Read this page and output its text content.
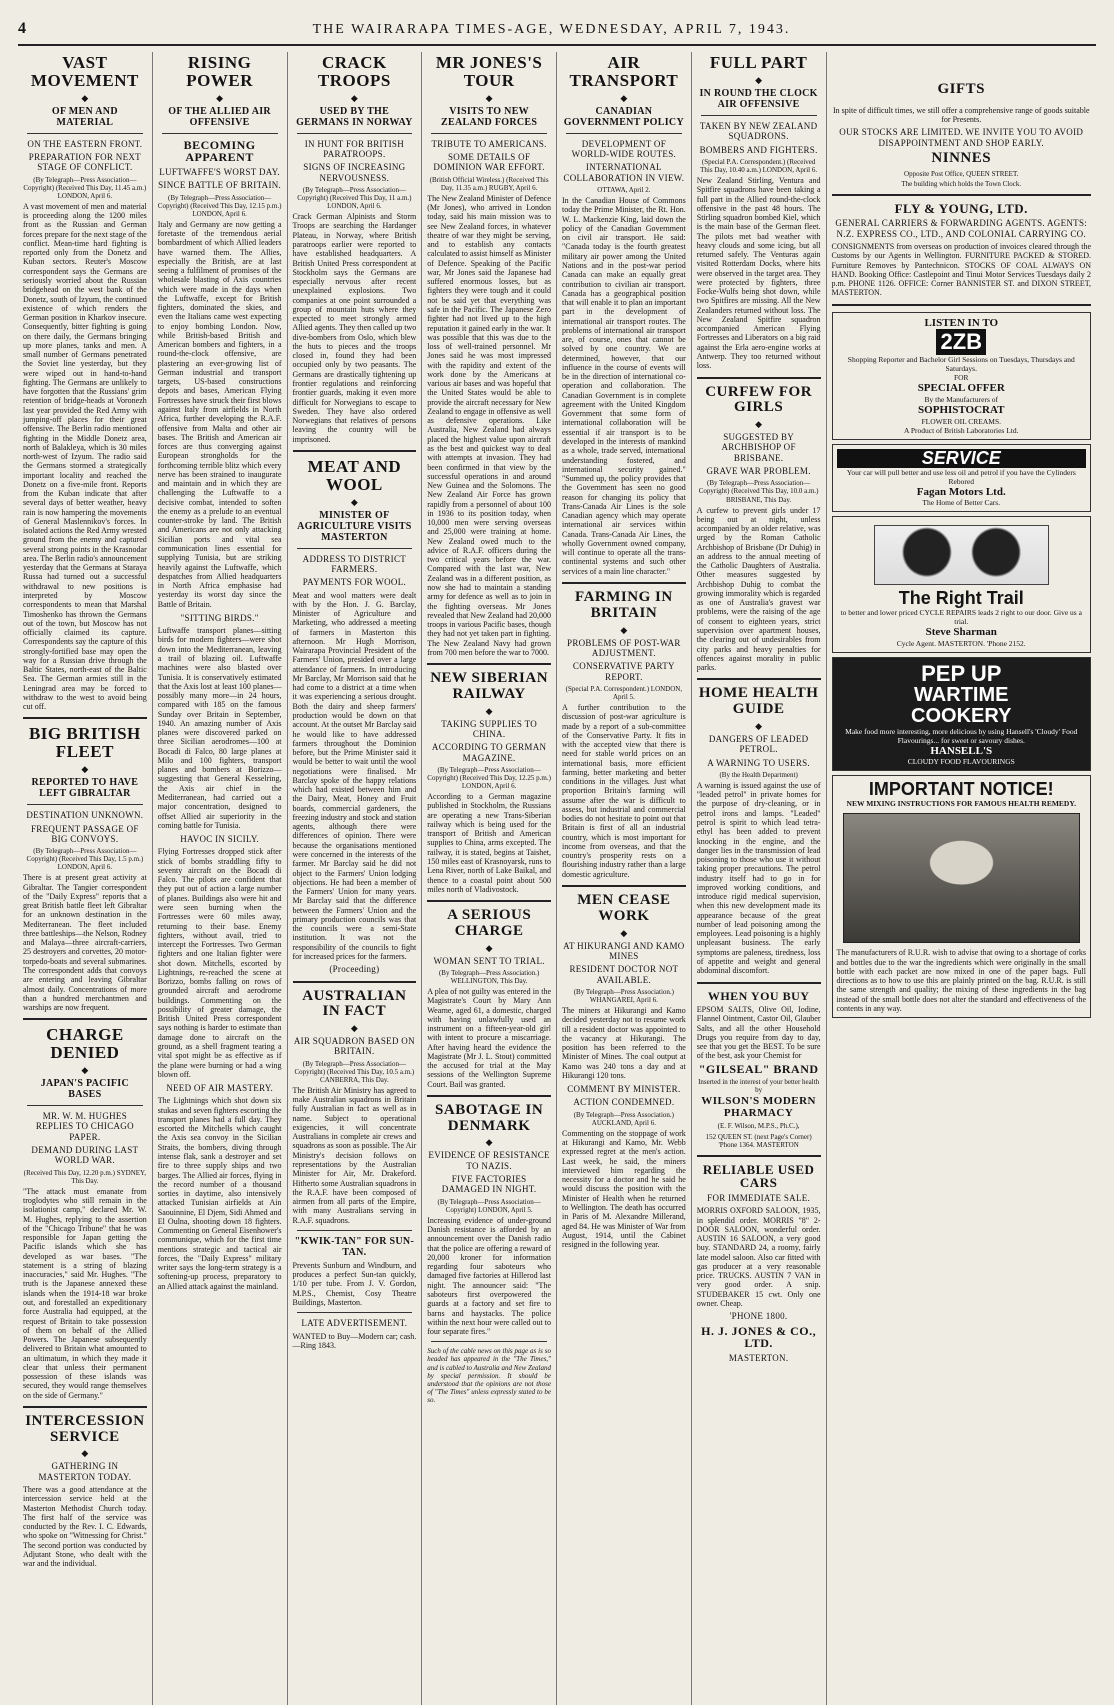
4	THE WAIRARAPA TIMES-AGE, WEDNESDAY, APRIL 7, 1943.
VAST MOVEMENT
◆
OF MEN AND MATERIAL
ON THE EASTERN FRONT.
PREPARATION FOR NEXT STAGE OF CONFLICT.
(By Telegraph—Press Association—Copyright) (Received This Day, 11.45 a.m.) LONDON, April 6.
A vast movement of men and material is proceeding along the 1200 miles front as the Russian and German forces prepare for the next stage of the conflict. Mean-time hard fighting is reported only from the Donetz and Kuban sectors. Reuter's Moscow correspondent says the Germans are seriously worried about the Russian bridgehead on the west bank of the Donetz, south of Izyum, the continued existence of which renders the German position in Kharkov insecure. Consequently, bitter fighting is going on there daily, the Germans bringing up more planes, tanks and men. A small number of Germans penetrated the Soviet line yesterday, but they were wiped out in hand-to-hand fighting. The Germans are unlikely to have forgotten that the Russians' grim retention of bridge-heads at Voronezh last year provided the Red Army with jumping-off places for their great offensive. The Berlin radio mentioned fighting in the Middle Donetz area, north of Balakleya, which is 30 miles north-west of Izyum. The radio said the Germans stormed a strategically important locality and reached the Donetz on a five-mile front. Reports from the Kuban indicate that after several days of better weather, heavy rain is now hampering the movements of General Maslennikov's forces. In isolated actions the Red Army wrested ground from the enemy and captured several strong points in the Krasnodar area. The Berlin radio's announcement yesterday that the Germans at Staraya Russa had turned out a successful withdrawal to new positions is interpreted by Moscow correspondents to mean that Marshal Timoshenko has thrown the Germans out of the town, but Moscow has not officially claimed its capture. Correspondents say the capture of this strongly-fortified base may open the way for a Russian drive through the Baltic States, north-east of the Baltic Sea. The German armies still in the Leningrad area may be forced to withdraw to the west to avoid being cut off.
BIG BRITISH FLEET
◆
REPORTED TO HAVE LEFT GIBRALTAR
DESTINATION UNKNOWN.
FREQUENT PASSAGE OF BIG CONVOYS.
(By Telegraph—Press Association—Copyright) (Received This Day, 1.5 p.m.) LONDON, April 6.
There is at present great activity at Gibraltar. The Tangier correspondent of the "Daily Express" reports that a great British battle fleet left Gibraltar for an unknown destination in the Mediterranean. The fleet included three battleships—the Nelson, Rodney and Malaya—three aircraft-carriers, 25 destroyers and corvettes, 20 motor-torpedo-boats and several submarines. The correspondent adds that convoys are entering and leaving Gibraltar almost daily. Concentrations of more than a hundred merchantmen and warships are now frequent.
CHARGE DENIED
◆
JAPAN'S PACIFIC BASES
MR. W. M. HUGHES REPLIES TO CHICAGO PAPER.
DEMAND DURING LAST WORLD WAR.
(Received This Day, 12.20 p.m.) SYDNEY, This Day.
"The attack must emanate from troglodytes who still remain in the isolationist camp," declared Mr. W. M. Hughes, replying to the assertion of the "Chicago Tribune" that he was responsible for Japan getting the Pacific islands which she has developed as war bases. "The statement is a string of blazing inaccuracies," said Mr. Hughes. "The truth is the Japanese annexed these islands when the 1914-18 war broke out, and forestalled an expeditionary force Australia had equipped, at the request of Britain to take possession of them on behalf of the Allied Powers. The Japanese subsequently delivered to Britain what amounted to an ultimatum, in which they made it clear that unless their permanent possession of these islands was secured, they would range themselves on the side of Germany."
INTERCESSION SERVICE
◆
GATHERING IN MASTERTON TODAY.
There was a good attendance at the intercession service held at the Masterton Methodist Church today. The first half of the service was conducted by the Rev. I. C. Edwards, who spoke on "Witnessing for Christ." The second portion was conducted by Adjutant Stone, who dealt with the war and the individual.
RISING POWER
◆
OF THE ALLIED AIR OFFENSIVE
BECOMING APPARENT
LUFTWAFFE'S WORST DAY.
SINCE BATTLE OF BRITAIN.
(By Telegraph—Press Association—Copyright) (Received This Day, 12.15 p.m.) LONDON, April 6.
Italy and Germany are now getting a foretaste of the tremendous aerial bombardment of which Allied leaders have warned them. The Allies, especially the British, are at last seeing a fulfilment of promises of the wholesale blasting of Axis countries which were made in the days when the Luftwaffe, except for British fighters, dominated the skies, and even the Italians came west expecting to enjoy bombing London. Now, while British-based British and American bombers and fighters, in a round-the-clock offensive, are plastering an ever-growing list of German industrial and transport targets, US-based constructions depots and bases, American Flying Fortresses have struck their first blows against Italy from airfields in North Africa, further developing the R.A.F. offensive from Malta and other air bases. The British and American air forces are thus converging against European strongholds for the forthcoming terrible blitz which every nerve has been strained to inaugurate and maintain and in which they are challenging the Luftwaffe to a decisive combat, intended to soften the enemy as a prelude to an eventual counter-stroke by land. The British and Americans are not only attacking Sicilian ports and vital sea communication lines essential for supplying Tunisia, but are striking heavily against the Luftwaffe, which despatches from Allied headquarters in North Africa emphasise had yesterday its worst day since the Battle of Britain.
"SITTING BIRDS."
Luftwaffe transport planes—sitting birds for modern fighters—were shot down into the Mediterranean, leaving a trail of blazing oil. Luftwaffe machines were also blasted over Tunisia. It is conservatively estimated that the Axis lost at least 100 planes—possibly many more—in 24 hours, compared with 185 on the famous Sunday over Britain in September, 1940. An amazing number of Axis planes were discovered parked on three Sicilian aerodromes—100 at Bocadi di Falco, 80 large planes at Milo and 100 fighters, transport planes and bombers at Borizzo—suggesting that General Kesselring, the Axis air chief in the Mediterranean, had carried out a major concentration, designed to offset Allied air superiority in the coming battle for Tunisia.
HAVOC IN SICILY.
Flying Fortresses dropped stick after stick of bombs straddling fifty to seventy aircraft on the Bocadi di Falco. The pilots are confident that they put out of action a large number of planes. Buildings also were hit and were seen burning when the Fortresses were 60 miles away, returning to their base. Enemy fighters, without avail, tried to intercept the Fortresses. Two German fighters and one Italian fighter were shot down. Mitchells, escorted by Lightnings, re-reached the scene at Borizzo, bombs falling on rows of grounded aircraft and aerodrome buildings. Commenting on the possibility of greater damage, the British United Press correspondent says nothing is harder to estimate than damage done to aircraft on the ground, as a shell fragment tearing a vital spot might be as effective as if the plane were burning or had a wing blown off.
NEED OF AIR MASTERY.
The Lightnings which shot down six stukas and seven fighters escorting the transport planes had a full day. They escorted the Mitchells which caught the Axis sea convoy in the Sicilian Straits, the bombers, diving through intense flak, sank a destroyer and set fire to three supply ships and two barges. The Allied air forces, flying in the record number of a thousand sorties in daytime, also intensively attacked Tunisian airfields at Ain Saouinnine, El Djem, Sidi Ahmed and El Oulna, shooting down 18 fighters. Commenting on General Eisenhower's communique, which for the first time mentions strategic and tactical air forces, the "Daily Express" military writer says the long-term strategy is a softening-up process, preparatory to an Allied attack against the mainland.
CRACK TROOPS
◆
USED BY THE GERMANS IN NORWAY
IN HUNT FOR BRITISH PARATROOPS.
SIGNS OF INCREASING NERVOUSNESS.
(By Telegraph—Press Association—Copyright) (Received This Day, 11 a.m.) LONDON, April 6.
Crack German Alpinists and Storm Troops are searching the Hardanger Plateau, in Norway, where British paratroops earlier were reported to have established headquarters. A British United Press correspondent at Stockholm says the Germans are especially nervous after recent unexplained explosions. Two companies at one point surrounded a group of mountain huts where they expected to meet strongly armed Allied agents. They then called up two dive-bombers from Oslo, which blew the huts to pieces and the troops closed in, found they had been occupied only by two peasants. The Germans are drastically tightening up frontier regulations and reinforcing frontier guards, making it even more difficult for Norwegians to escape to Sweden. They have also ordered Norwegians that relatives of persons leaving the country will be imprisoned.
MEAT AND WOOL
◆
MINISTER OF AGRICULTURE VISITS MASTERTON
ADDRESS TO DISTRICT FARMERS.
PAYMENTS FOR WOOL.
Meat and wool matters were dealt with by the Hon. J. G. Barclay, Minister of Agriculture and Marketing, who addressed a meeting of farmers in Masterton this afternoon. Mr Hugh Morrison, Wairarapa Provincial President of the Farmers' Union, presided over a large attendance of farmers. In introducing Mr Barclay, Mr Morrison said that he had come to a district at a time when it was experiencing a serious drought. Both the dairy and sheep farmers' production would be down on that account. At the outset Mr Barclay said he would like to have addressed farmers throughout the Dominion before, but the Prime Minister said it would be better to wait until the wool negotiations were finalised. Mr Barclay spoke of the happy relations which had existed between him and the Dairy, Meat, Honey and Fruit boards, commercial gardeners, the freezing industry and stock and station agents, although there were differences of opinion. There were because the organisations mentioned were concerned in the interests of the farmer. Mr Barclay said he did not object to the Farmers' Union lodging objections. He had been a member of the Farmers' Union for many years. Mr Barclay said that the difference between the Farmers' Union and the primary production councils was that the councils were a semi-State institution. It was not the responsibility of the councils to fight for increased prices for the farmers.
(Proceeding)
AUSTRALIAN IN FACT
◆
AIR SQUADRON BASED ON BRITAIN.
(By Telegraph—Press Association—Copyright) (Received This Day, 10.5 a.m.) CANBERRA, This Day.
The British Air Ministry has agreed to make Australian squadrons in Britain fully Australian in fact as well as in name. Subject to operational exigencies, it will concentrate Australians in complete air crews and squadrons as soon as possible. The Air Ministry's decision follows on representations by the Australian Minister for Air, Mr. Drakeford. Hitherto some Australian squadrons in the R.A.F. have been composed of airmen from all parts of the Empire, with many Australians serving in R.A.F. squadrons.
"KWIK-TAN" FOR SUN-TAN.
Prevents Sunburn and Windburn, and produces a perfect Sun-tan quickly, 1/10 per tube. From J. V. Gordon, M.P.S., Chemist, Cosy Theatre Buildings, Masterton.
LATE ADVERTISEMENT.
WANTED to Buy—Modern car; cash.—Ring 1843.
MR JONES'S TOUR
◆
VISITS TO NEW ZEALAND FORCES
TRIBUTE TO AMERICANS.
SOME DETAILS OF DOMINION WAR EFFORT.
(British Official Wireless.) (Received This Day, 11.35 a.m.) RUGBY, April 6.
The New Zealand Minister of Defence (Mr Jones), who arrived in London today, said his main mission was to see New Zealand forces, in whatever theatre of war they might be serving, and to establish any contacts calculated to assist himself as Minister of Defence. Speaking of the Pacific war, Mr Jones said the Japanese had suffered enormous losses, but as fighters they were tough and it could not be said yet that everything was safe in the Pacific. The Japanese Zero fighter had not lived up to the high reputation it gained early in the war. It was possible that this was due to the loss of well-trained personnel. Mr Jones said he was most impressed with the rapidity and extent of the work done by the Americans at various air bases and was hopeful that the United States would be able to provide the aircraft necessary for New Zealand to engage in offensive as well as defensive operations. Like Australia, New Zealand had always placed the highest value upon aircraft as the best and quickest way to deal with attempts at invasion. They had been confirmed in that view by the successful operations in and around New Guinea and the Solomons. The New Zealand Air Force has grown rapidly from a personnel of about 100 in 1936 to its position today, when 10,000 men were serving overseas and 25,000 were training at home. New Zealand owed much to the advice of R.A.F. officers during the two critical years before the war. Compared with the last war, New Zealand was in a different position, as now she had to maintain a standing army for defence as well as to join in the fighting overseas. Mr Jones revealed that New Zealand had 20,000 troops in various Pacific bases, though they had not yet taken part in fighting. The New Zealand Navy had grown from 700 men before the war to 7000.
NEW SIBERIAN RAILWAY
◆
TAKING SUPPLIES TO CHINA.
ACCORDING TO GERMAN MAGAZINE.
(By Telegraph—Press Association—Copyright) (Received This Day, 12.25 p.m.) LONDON, April 6.
According to a German magazine published in Stockholm, the Russians are operating a new Trans-Siberian railway which is being used for the transport of British and American supplies to China, arms excepted. The railway, it is stated, begins at Taishet, 150 miles east of Krasnoyarsk, runs to Lena River, north of Lake Baikal, and thence to a coastal point about 500 miles north of Vladivostock.
A SERIOUS CHARGE
◆
WOMAN SENT TO TRIAL.
(By Telegraph—Press Association.) WELLINGTON, This Day.
A plea of not guilty was entered in the Magistrate's Court by Mary Ann Wearne, aged 61, a domestic, charged with having unlawfully used an instrument on a fifteen-year-old girl with intent to procure a miscarriage. After having heard the evidence the Magistrate (Mr J. L. Stout) committed the accused for trial at the May sessions of the Wellington Supreme Court. Bail was granted.
SABOTAGE IN DENMARK
◆
EVIDENCE OF RESISTANCE TO NAZIS.
FIVE FACTORIES DAMAGED IN NIGHT.
(By Telegraph—Press Association—Copyright) LONDON, April 5.
Increasing evidence of under-ground Danish resistance is afforded by an announcement over the Danish radio that the police are offering a reward of 20,000 kroner for information regarding four saboteurs who damaged five factories at Hillerod last night. The announcer said: "The saboteurs first overpowered the guards at a factory and set fire to barns and haystacks. The police within the next hour were called out to four separate fires."
Such of the cable news on this page as is so headed has appeared in the "The Times," and is cabled to Australia and New Zealand by special permission. It should be understood that the opinions are not those of "The Times" unless expressly stated to be so.
AIR TRANSPORT
◆
CANADIAN GOVERNMENT POLICY
DEVELOPMENT OF WORLD-WIDE ROUTES.
INTERNATIONAL COLLABORATION IN VIEW.
OTTAWA, April 2.
In the Canadian House of Commons today the Prime Minister, the Rt. Hon. W. L. Mackenzie King, laid down the policy of the Canadian Government on civil air transport. He said: "Canada today is the fourth greatest military air power among the United Nations and in the post-war period Canada can make an equally great contribution to civilian air transport. Canada has a geographical position that will enable it to plan an important part in the development of international air transport routes. The problems of international air transport are, of course, ones that cannot be solved by one country. We are determined, however, that our influence in the course of events will be in the direction of international co-operation and collaboration. The Canadian Government is in complete agreement with the United Kingdom Government that some form of international collaboration will be essential if air transport is to be developed in the interests of mankind as a whole, trade served, international understanding fostered, and international security gained." "Summed up, the policy provides that the Government has seen no good reason for changing its policy that Trans-Canada Air Lines is the sole Canadian agency which may operate international air services within Canada. Trans-Canada Air Lines, the wholly Government owned company, will continue to operate all the trans-continental systems and such other services of a main line character."
FARMING IN BRITAIN
◆
PROBLEMS OF POST-WAR ADJUSTMENT.
CONSERVATIVE PARTY REPORT.
(Special P.A. Correspondent.) LONDON, April 5.
A further contribution to the discussion of post-war agriculture is made by a report of a sub-committee of the Conservative Party. It fits in with the accepted view that there is need for stable world prices on an international basis, more efficient farming, better marketing and better conditions in the villages. Just what proportion Britain's farming will assume after the war is difficult to assess, but industrial and commercial bodies do not hesitate to point out that Britain is first of all an industrial country, which is most important for income from overseas, and that the country's prosperity rests on a flourishing industry rather than a large domestic agriculture.
MEN CEASE WORK
◆
AT HIKURANGI AND KAMO MINES
RESIDENT DOCTOR NOT AVAILABLE.
(By Telegraph—Press Association.) WHANGAREI, April 6.
The miners at Hikurangi and Kamo decided yesterday not to resume work till a resident doctor was appointed to the vacancy at Hikurangi. The position has been referred to the Minister of Mines. The coal output at Kamo was 240 tons a day and at Hikurangi 120 tons.
COMMENT BY MINISTER.
ACTION CONDEMNED.
(By Telegraph—Press Association.) AUCKLAND, April 6.
Commenting on the stoppage of work at Hikurangi and Kamo, Mr. Webb expressed regret at the men's action. Last week, he said, the miners interviewed him regarding the necessity for a doctor and he said he would discuss the position with the Minister of Health when he returned to Wellington. The death has occurred in Paris of M. Alexandre Millerand, aged 84. He was Minister of War from August, 1914, until the Cabinet resigned in the following year.
FULL PART
◆
IN ROUND THE CLOCK AIR OFFENSIVE
TAKEN BY NEW ZEALAND SQUADRONS.
BOMBERS AND FIGHTERS.
(Special P.A. Correspondent.) (Received This Day, 10.40 a.m.) LONDON, April 6.
New Zealand Stirling, Ventura and Spitfire squadrons have been taking a full part in the Allied round-the-clock offensive in the past 48 hours. The Stirling squadron bombed Kiel, which is the main base of the German fleet. The pilots met bad weather with heavy clouds and some icing, but all returned safely. The Venturas again visited Rotterdam Docks, where hits were observed in the target area. They were protected by fighters, three Focke-Wulfs being shot down, while two Spitfires are missing. All the New Zealanders returned without loss. The New Zealand Spitfire squadron accompanied American Flying Fortresses and Liberators on a big raid against the Erla aero-engine works at Antwerp. They too returned without loss.
CURFEW FOR GIRLS
◆
SUGGESTED BY ARCHBISHOP OF BRISBANE.
GRAVE WAR PROBLEM.
(By Telegraph—Press Association—Copyright) (Received This Day, 10.0 a.m.) BRISBANE, This Day.
A curfew to prevent girls under 17 being out at night, unless accompanied by an older relative, was urged by the Roman Catholic Archbishop of Brisbane (Dr Duhig) in an address to the annual meeting of the Catholic Daughters of Australia. Other measures suggested by Archbishop Duhig to combat the growing immorality which is regarded as one of Australia's gravest war problems, were the raising of the age of consent to eighteen years, strict supervision over apartment houses, the clearing out of undesirables from city parks and heavy penalties for offences against morality in public parks.
HOME HEALTH GUIDE
◆
DANGERS OF LEADED PETROL.
A WARNING TO USERS.
(By the Health Department)
A warning is issued against the use of "leaded petrol" in private homes for the purpose of dry-cleaning, or in petrol irons and lamps. "Leaded" petrol is spirit to which lead tetra-ethyl has been added to prevent knocking in the engine, and the danger lies in the transmission of lead poisoning to those who use it without taking proper precautions. The petrol industry itself had to go in for improved working conditions, and introduce rigid medical supervision, when this new development made its appearance because of the great number of lead poisoning among the employees. Lead poisoning is a highly unpleasant business. The early symptoms are paleness, tiredness, loss of appetite and weight and general abdominal discomfort.
WHEN YOU BUY
EPSOM SALTS, Olive Oil, Iodine, Flannel Ointment, Castor Oil, Glauber Salts, and all the other Household Drugs you require from day to day, see that you get the BEST. To be sure of the best, ask your Chemist for
"GILSEAL" BRAND
Inserted in the interest of your better health by
WILSON'S MODERN PHARMACY
(E. F. Wilson, M.P.S., Ph.C.),
152 QUEEN ST. (next Page's Corner) 'Phone 1364. MASTERTON
RELIABLE USED CARS
FOR IMMEDIATE SALE.
MORRIS OXFORD SALOON, 1935, in splendid order. MORRIS "8" 2-DOOR SALOON, wonderful order. AUSTIN 16 SALOON, a very good buy. STANDARD 24, a roomy, fairly late model saloon. Also car fitted with gas producer at a very reasonable price. TRUCKS. AUSTIN 7 VAN in very good order. A snip. STUDEBAKER 15 cwt. Only one owner. Cheap.
'PHONE 1800.
H. J. JONES & CO., LTD.
MASTERTON.
GIFTS
In spite of difficult times, we still offer a comprehensive range of goods suitable for Presents.
OUR STOCKS ARE LIMITED. WE INVITE YOU TO AVOID DISAPPOINTMENT AND SHOP EARLY.
NINNES
Opposite Post Office, QUEEN STREET.
The building which holds the Town Clock.
FLY & YOUNG, LTD.
GENERAL CARRIERS & FORWARDING AGENTS. AGENTS: N.Z. EXPRESS CO., LTD., AND COLONIAL CARRYING CO.
CONSIGNMENTS from overseas on production of invoices cleared through the Customs by our Agents in Wellington. FURNITURE PACKED & STORED. Furniture Removes by Pantechnicon. STOCKS OF COAL ALWAYS ON HAND. Booking Office: Castlepoint and Tinui Motor Services Tuesdays daily 2 p.m. PHONE 1126. OFFICE: Corner BANNISTER ST. and DIXON STREET, MASTERTON.
LISTEN IN TO
2ZB
Shopping Reporter and Bachelor Girl Sessions on Tuesdays, Thursdays and Saturdays.
FOR
SPECIAL OFFER
By the Manufacturers of
SOPHISTOCRAT
FLOWER OIL CREAMS.
A Product of British Laboratories Ltd.
SERVICE
Your car will pull better and use less oil and petrol if you have the Cylinders Rebored
Fagan Motors Ltd.
The Home of Better Cars.
The Right Trail
to better and lower priced CYCLE REPAIRS leads 2 right to our door. Give us a trial.
Steve Sharman
Cycle Agent. MASTERTON. 'Phone 2152.
PEP UP
WARTIME
COOKERY
Make food more interesting, more delicious by using Hansell's 'Cloudy' Food Flavourings... for sweet or savoury dishes.
HANSELL'S
CLOUDY FOOD FLAVOURINGS
IMPORTANT NOTICE!
NEW MIXING INSTRUCTIONS FOR FAMOUS HEALTH REMEDY.
The manufacturers of R.U.R. wish to advise that owing to a shortage of corks and bottles due to the war the ingredients which were originally in the small bottle with each packet are now mixed in one of the paper bags. Full directions as to how to use this are plainly printed on the bag. R.U.R. is still the same strength and quality; the mixing of these ingredients in the bag instead of the small bottle does not alter the standard and effectiveness of the contents in any way.
